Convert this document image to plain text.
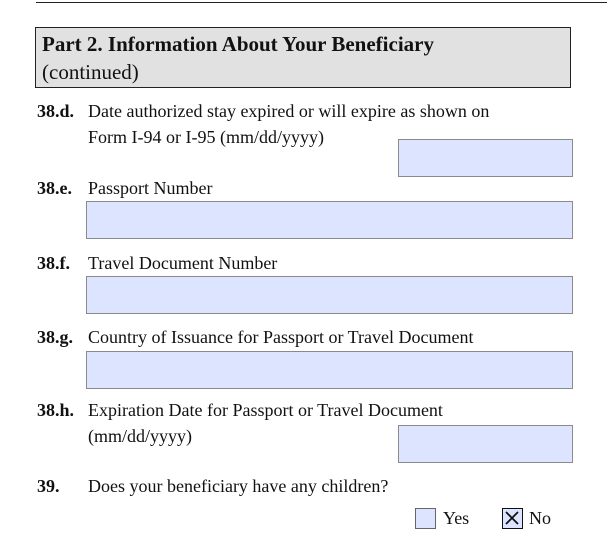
Part 2. Information About Your Beneficiary
(continued)
38.d. Date authorized stay expired or will expire as shown on
Form I-94 or I-95 (mm/dd/yyyy)
38.e. Passport Number
38.f. Travel Document Number
38.g. Country of Issuance for Passport or Travel Document
38.h. Expiration Date for Passport or Travel Document
(mm/dd/yyyy)
39. Does your beneficiary have any children?
Yes	No
